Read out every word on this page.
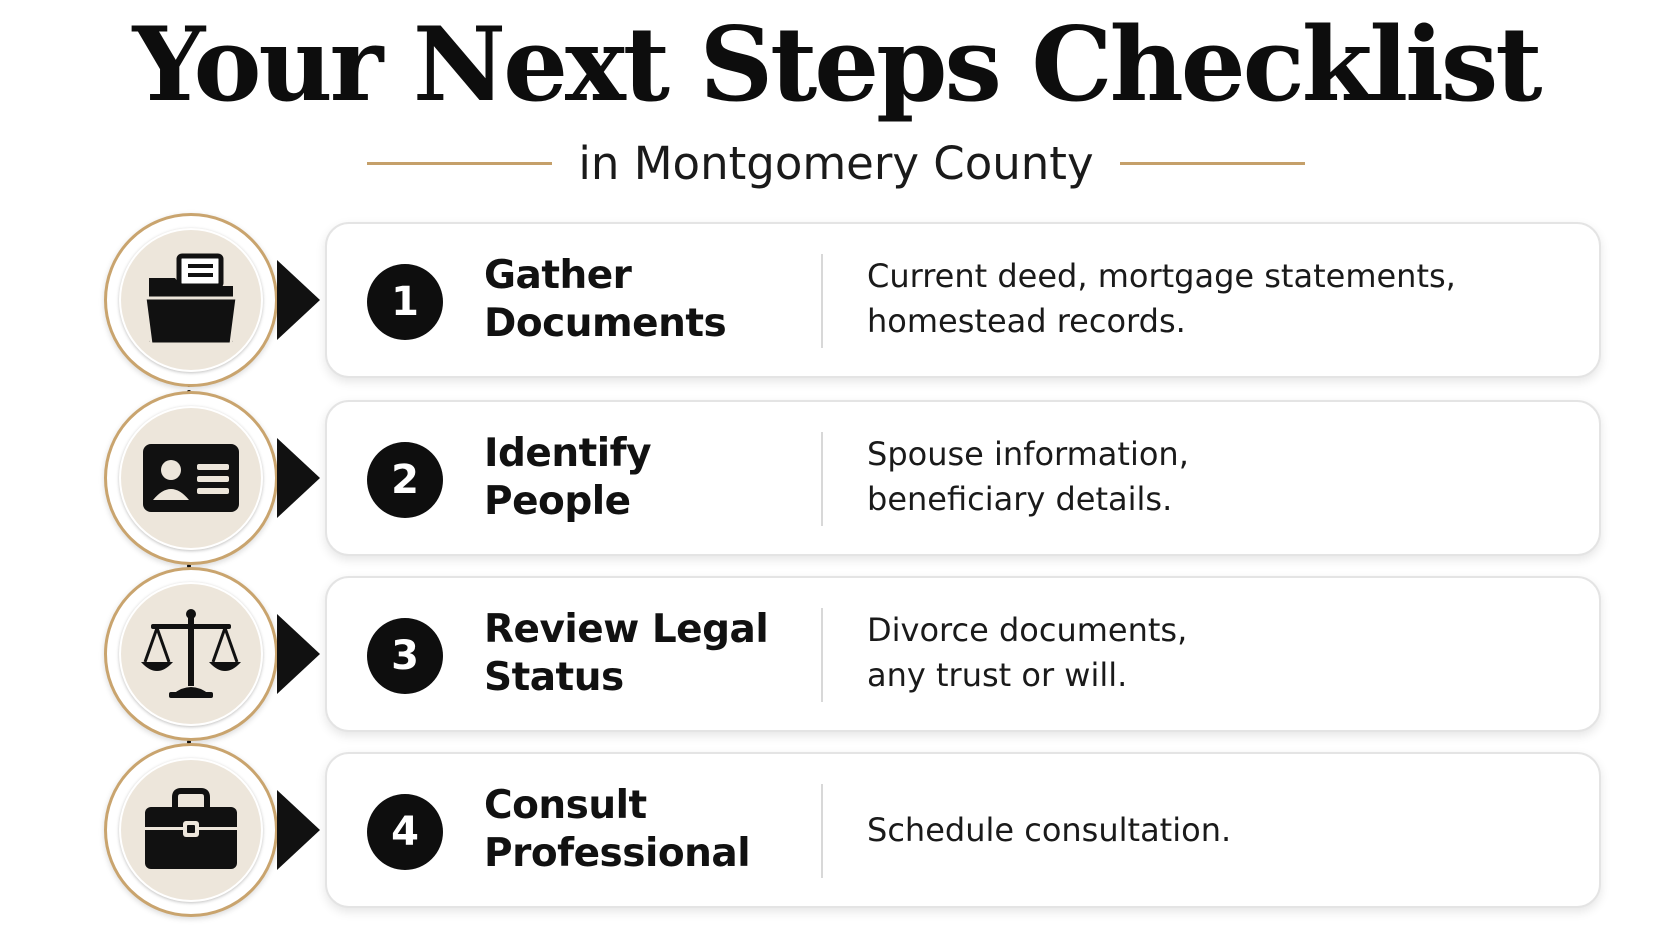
Your Next Steps Checklist
in Montgomery County
1
Gather
Documents
Current deed, mortgage statements,
homestead records.
2
Identify
People
Spouse information,
beneficiary details.
3
Review Legal
Status
Divorce documents,
any trust or will.
4
Consult
Professional
Schedule consultation.
